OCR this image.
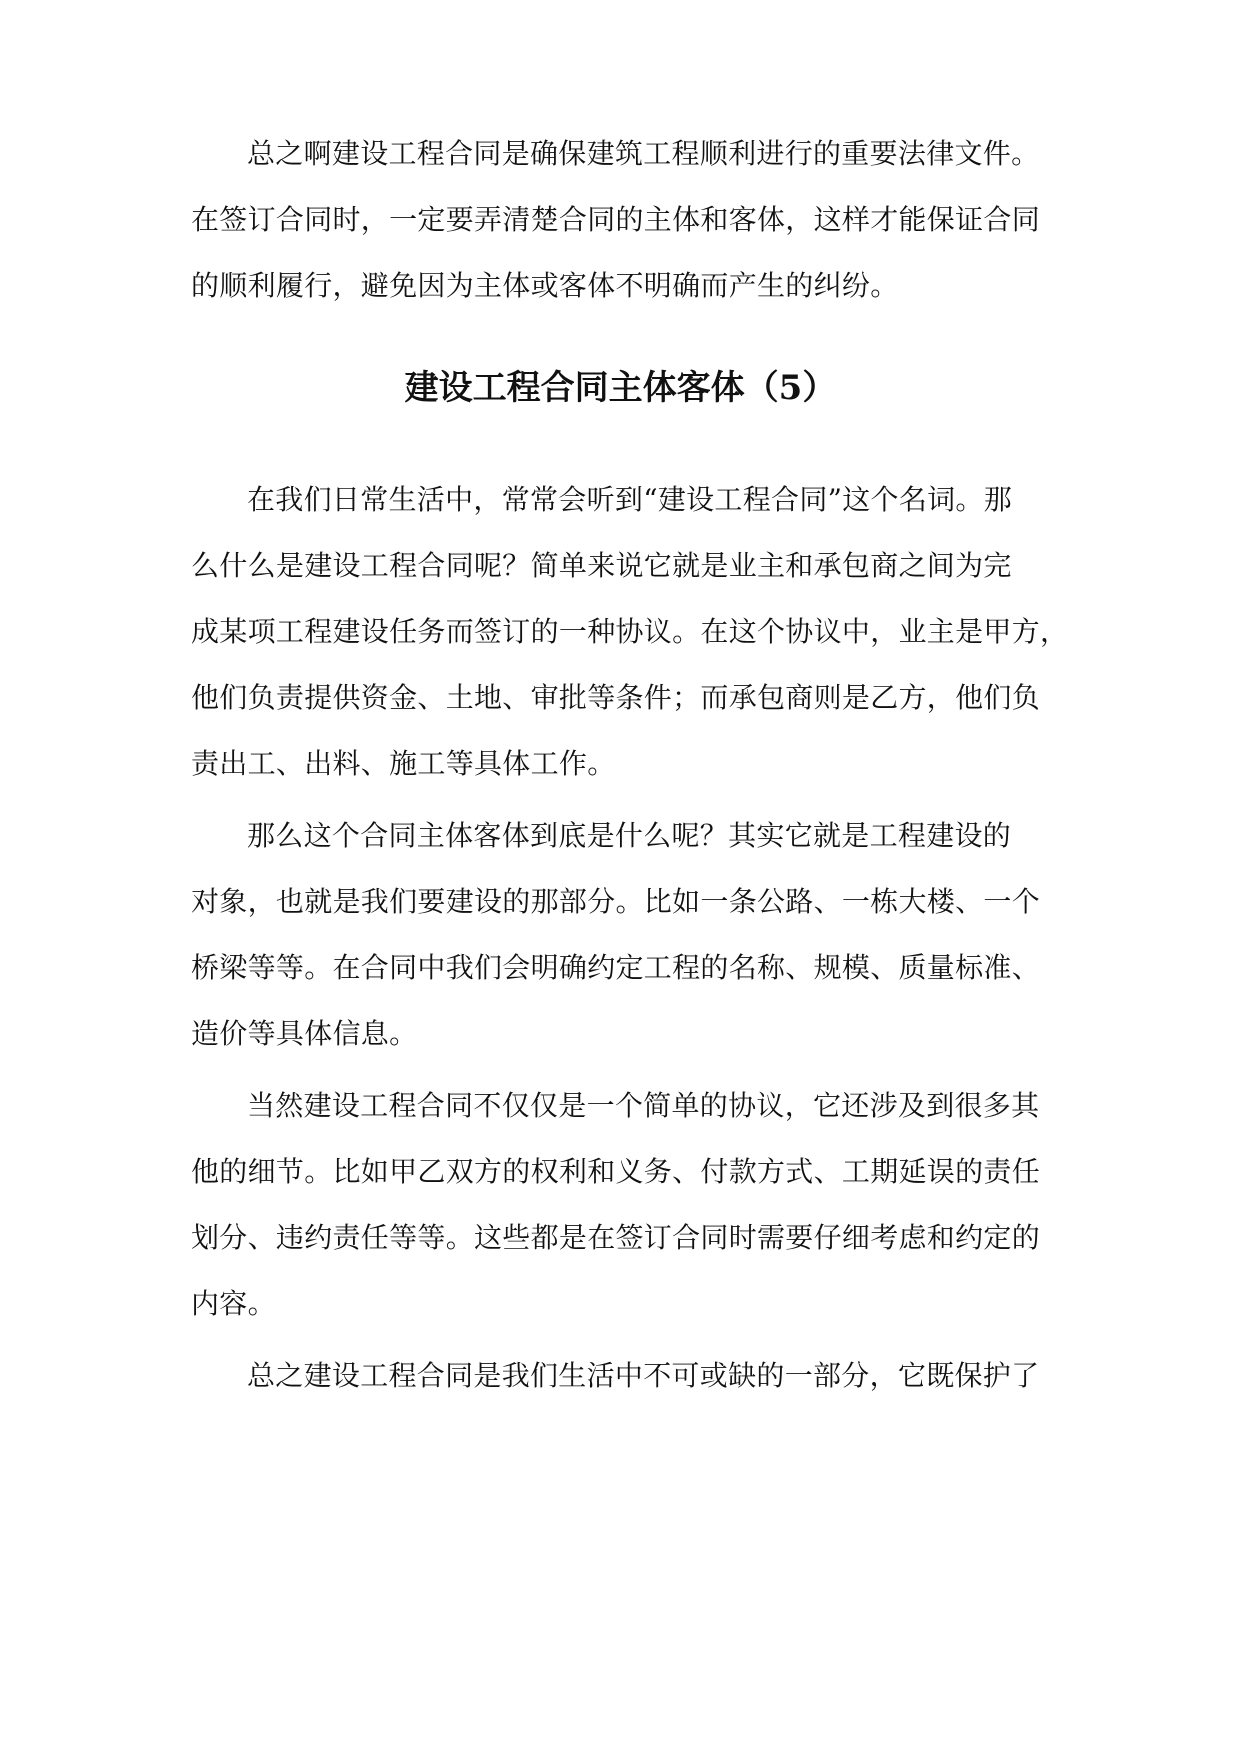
总之啊建设工程合同是确保建筑工程顺利进行的重要法律文件。
在签订合同时，一定要弄清楚合同的主体和客体，这样才能保证合同
的顺利履行，避免因为主体或客体不明确而产生的纠纷。
建设工程合同主体客体（5）
在我们日常生活中，常常会听到“建设工程合同”这个名词。那
么什么是建设工程合同呢？简单来说它就是业主和承包商之间为完
成某项工程建设任务而签订的一种协议。在这个协议中，业主是甲方，
他们负责提供资金、土地、审批等条件；而承包商则是乙方，他们负
责出工、出料、施工等具体工作。
那么这个合同主体客体到底是什么呢？其实它就是工程建设的
对象，也就是我们要建设的那部分。比如一条公路、一栋大楼、一个
桥梁等等。在合同中我们会明确约定工程的名称、规模、质量标准、
造价等具体信息。
当然建设工程合同不仅仅是一个简单的协议，它还涉及到很多其
他的细节。比如甲乙双方的权利和义务、付款方式、工期延误的责任
划分、违约责任等等。这些都是在签订合同时需要仔细考虑和约定的
内容。
总之建设工程合同是我们生活中不可或缺的一部分，它既保护了
